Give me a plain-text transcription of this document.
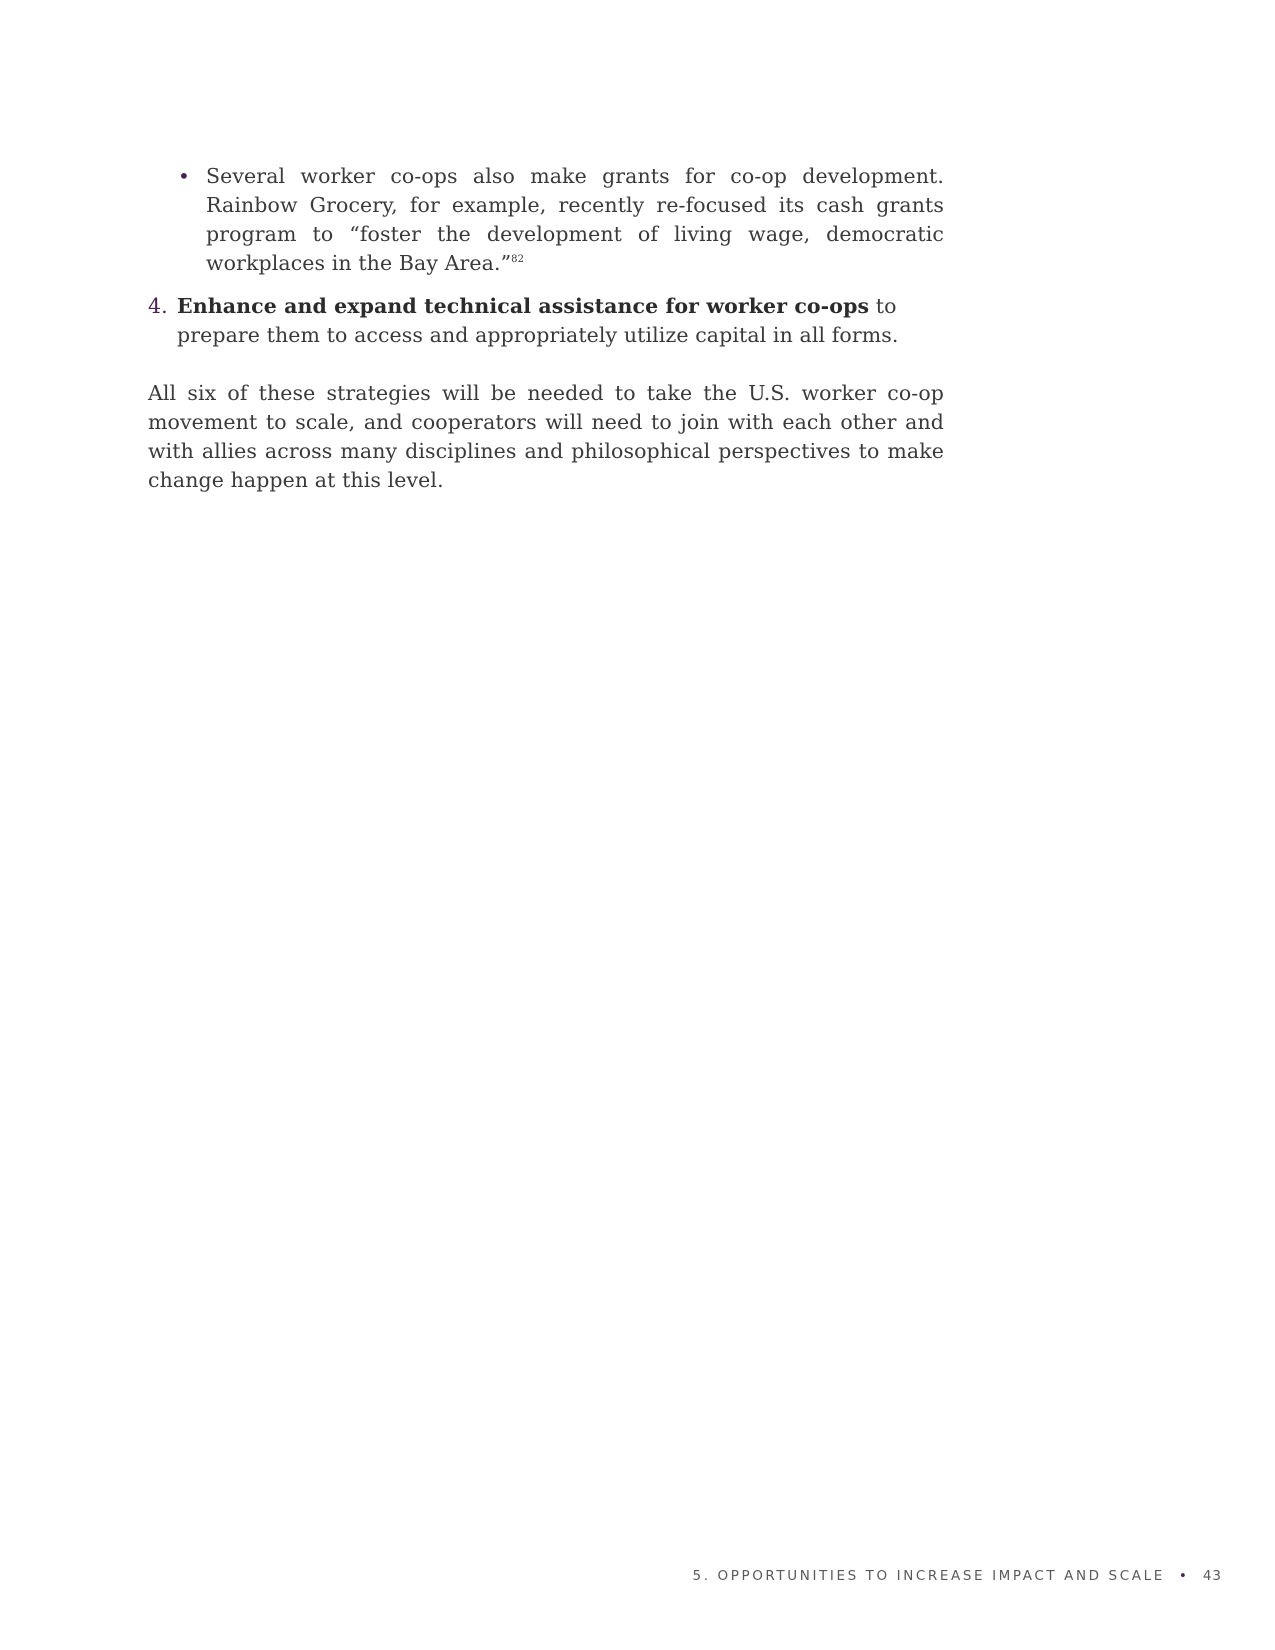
• Several worker co-ops also make grants for co-op development. Rainbow Grocery, for example, recently re-focused its cash grants program to “foster the development of living wage, democratic workplaces in the Bay Area.”$^{82}$
4. Enhance and expand technical assistance for worker co-ops to prepare them to access and appropriately utilize capital in all forms.

All six of these strategies will be needed to take the U.S. worker co-op movement to scale, and cooperators will need to join with each other and with allies across many disciplines and philosophical perspectives to make change happen at this level.

5. OPPORTUNITIES TO INCREASE IMPACT AND SCALE • 43
